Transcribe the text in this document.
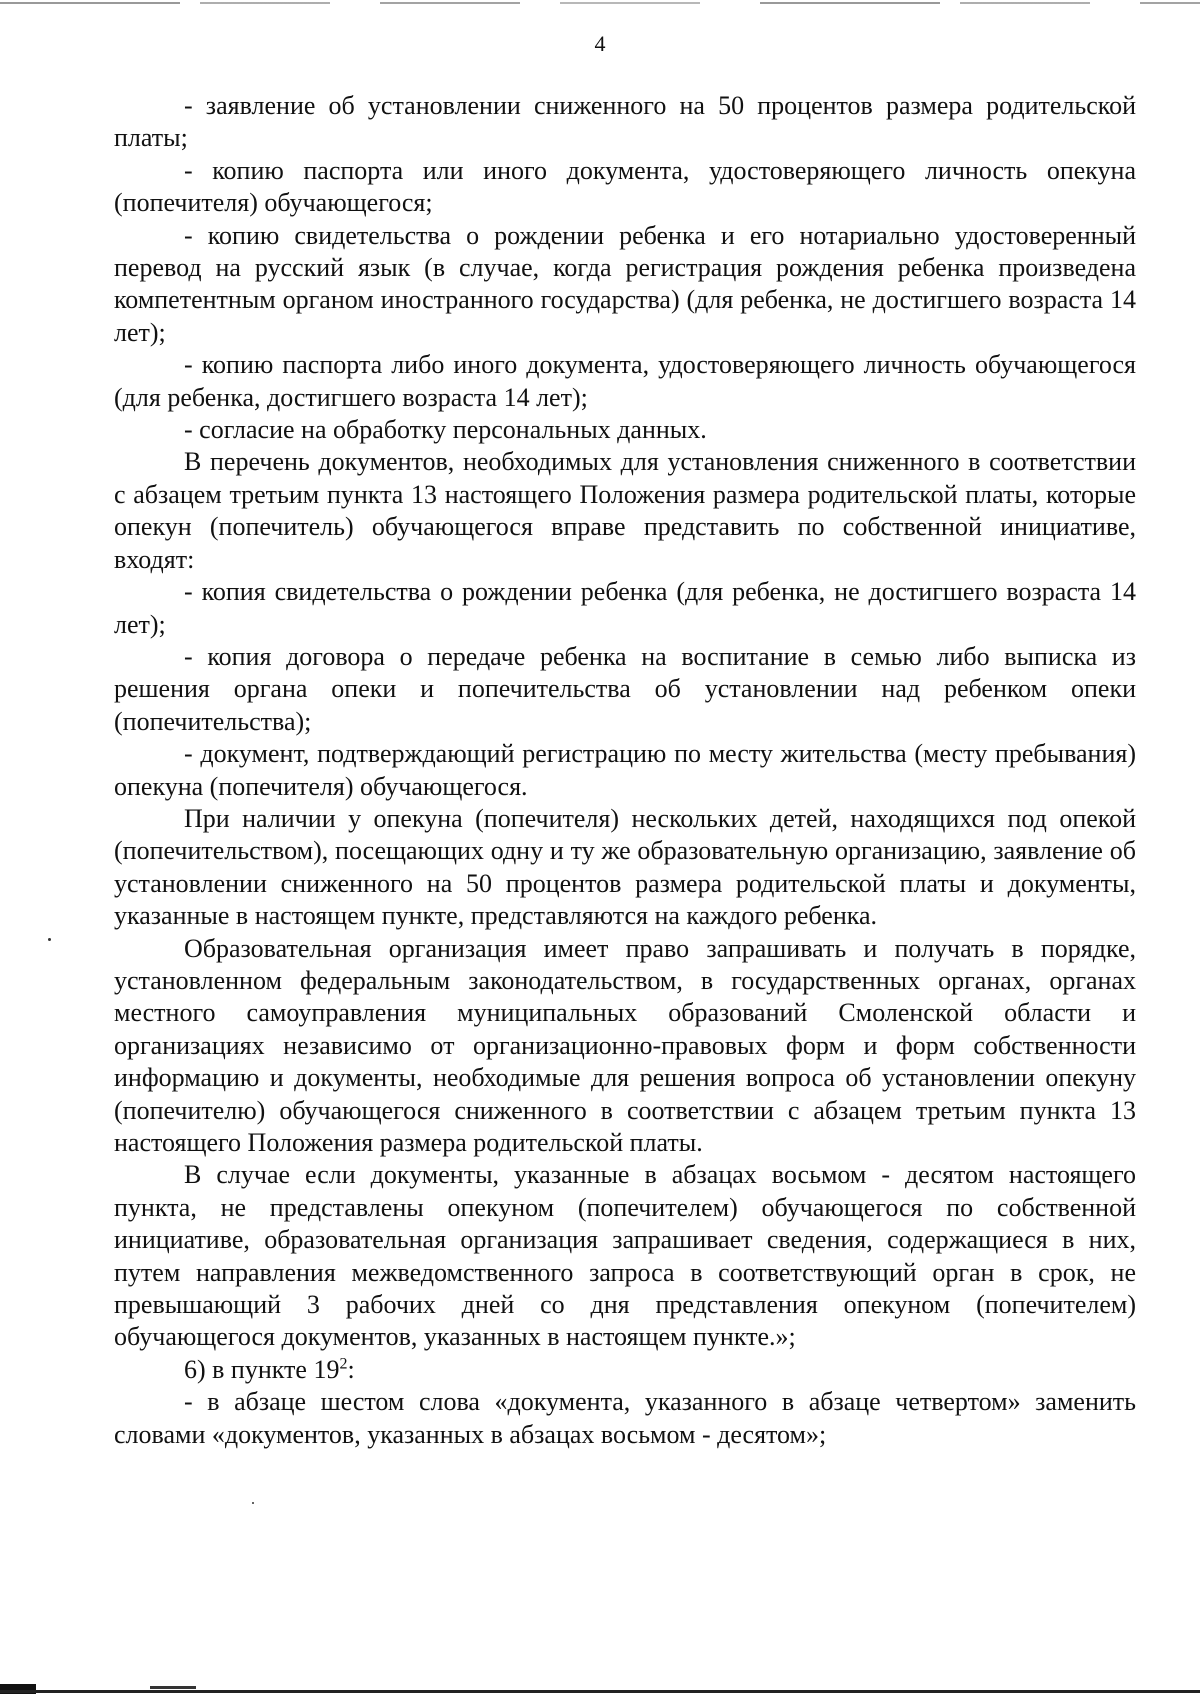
4

- заявление об установлении сниженного на 50 процентов размера родительской платы;

- копию паспорта или иного документа, удостоверяющего личность опекуна (попечителя) обучающегося;

- копию свидетельства о рождении ребенка и его нотариально удостоверенный перевод на русский язык (в случае, когда регистрация рождения ребенка произведена компетентным органом иностранного государства) (для ребенка, не достигшего возраста 14 лет);

- копию паспорта либо иного документа, удостоверяющего личность обучающегося (для ребенка, достигшего возраста 14 лет);

- согласие на обработку персональных данных.

В перечень документов, необходимых для установления сниженного в соответствии с абзацем третьим пункта 13 настоящего Положения размера родительской платы, которые опекун (попечитель) обучающегося вправе представить по собственной инициативе, входят:

- копия свидетельства о рождении ребенка (для ребенка, не достигшего возраста 14 лет);

- копия договора о передаче ребенка на воспитание в семью либо выписка из решения органа опеки и попечительства об установлении над ребенком опеки (попечительства);

- документ, подтверждающий регистрацию по месту жительства (месту пребывания) опекуна (попечителя) обучающегося.

При наличии у опекуна (попечителя) нескольких детей, находящихся под опекой (попечительством), посещающих одну и ту же образовательную организацию, заявление об установлении сниженного на 50 процентов размера родительской платы и документы, указанные в настоящем пункте, представляются на каждого ребенка.

Образовательная организация имеет право запрашивать и получать в порядке, установленном федеральным законодательством, в государственных органах, органах местного самоуправления муниципальных образований Смоленской области и организациях независимо от организационно-правовых форм и форм собственности информацию и документы, необходимые для решения вопроса об установлении опекуну (попечителю) обучающегося сниженного в соответствии с абзацем третьим пункта 13 настоящего Положения размера родительской платы.

В случае если документы, указанные в абзацах восьмом - десятом настоящего пункта, не представлены опекуном (попечителем) обучающегося по собственной инициативе, образовательная организация запрашивает сведения, содержащиеся в них, путем направления межведомственного запроса в соответствующий орган в срок, не превышающий 3 рабочих дней со дня представления опекуном (попечителем) обучающегося документов, указанных в настоящем пункте.»;

6) в пункте $19^2$:

- в абзаце шестом слова «документа, указанного в абзаце четвертом» заменить словами «документов, указанных в абзацах восьмом - десятом»;
